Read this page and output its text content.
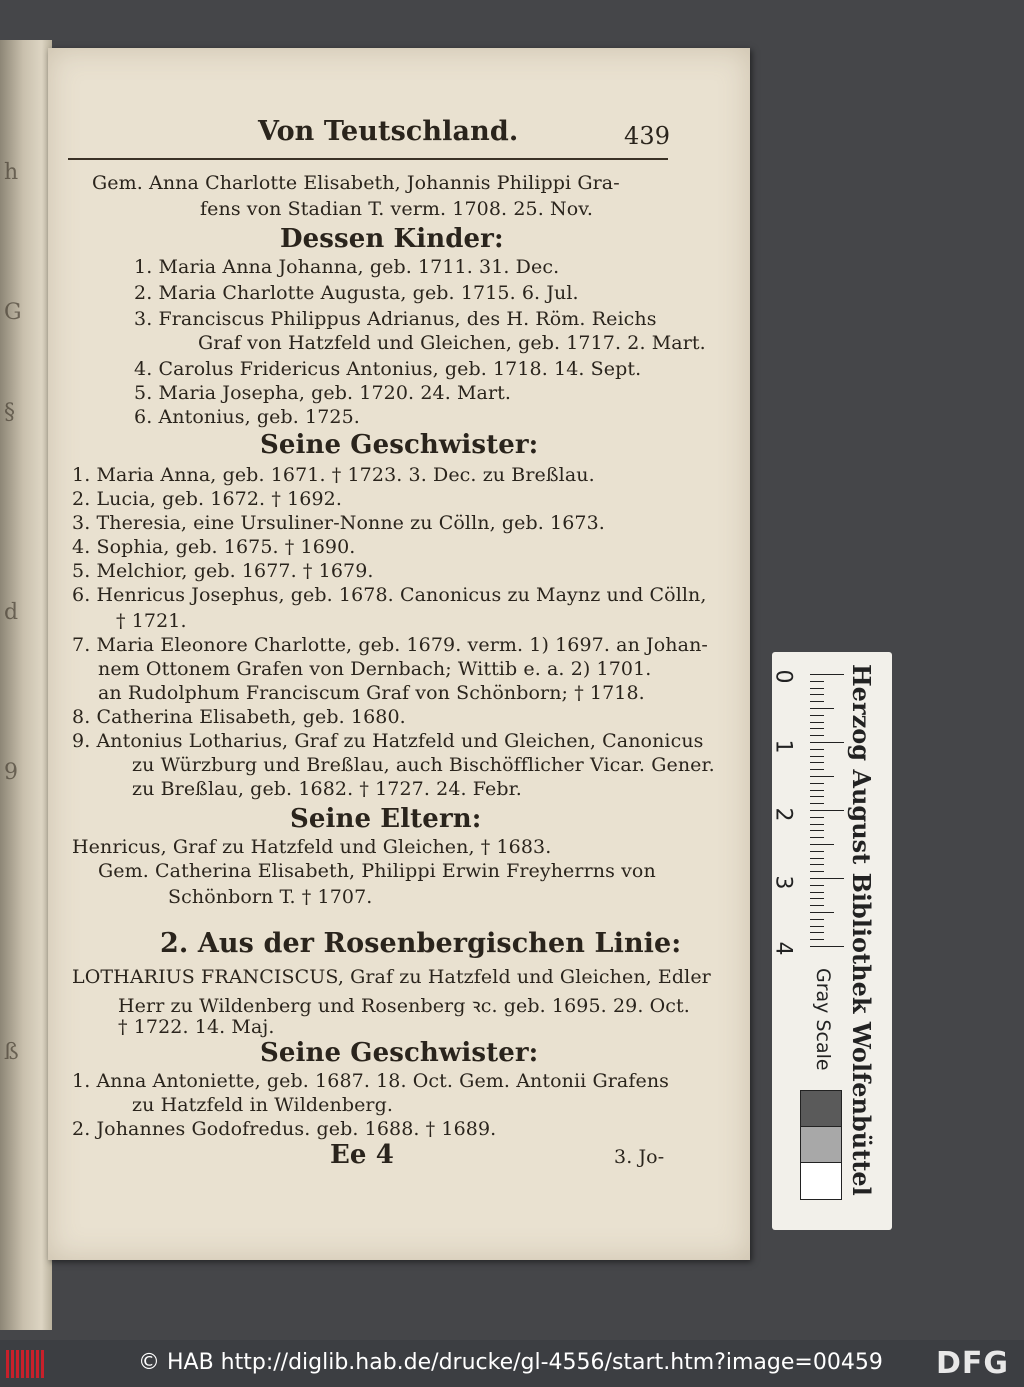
h
G
§
d
9
ß
Von Teutschland.	439
Gem. Anna Charlotte Elisabeth, Johannis Philippi Gra-
fens von Stadian T. verm. 1708. 25. Nov.
Dessen Kinder:
1. Maria Anna Johanna, geb. 1711. 31. Dec.
2. Maria Charlotte Augusta, geb. 1715. 6. Jul.
3. Franciscus Philippus Adrianus, des H. Röm. Reichs
Graf von Hatzfeld und Gleichen, geb. 1717. 2. Mart.
4. Carolus Fridericus Antonius, geb. 1718. 14. Sept.
5. Maria Josepha, geb. 1720. 24. Mart.
6. Antonius, geb. 1725.
Seine Geschwister:
1. Maria Anna, geb. 1671. † 1723. 3. Dec. zu Breßlau.
2. Lucia, geb. 1672. † 1692.
3. Theresia, eine Ursuliner-Nonne zu Cölln, geb. 1673.
4. Sophia, geb. 1675. † 1690.
5. Melchior, geb. 1677. † 1679.
6. Henricus Josephus, geb. 1678. Canonicus zu Maynz und Cölln,
† 1721.
7. Maria Eleonore Charlotte, geb. 1679. verm. 1) 1697. an Johan-
nem Ottonem Grafen von Dernbach; Wittib e. a. 2) 1701.
an Rudolphum Franciscum Graf von Schönborn; † 1718.
8. Catherina Elisabeth, geb. 1680.
9. Antonius Lotharius, Graf zu Hatzfeld und Gleichen, Canonicus
zu Würzburg und Breßlau, auch Bischöfflicher Vicar. Gener.
zu Breßlau, geb. 1682. † 1727. 24. Febr.
Seine Eltern:
Henricus, Graf zu Hatzfeld und Gleichen, † 1683.
Gem. Catherina Elisabeth, Philippi Erwin Freyherrns von
Schönborn T. † 1707.
2. Aus der Rosenbergischen Linie:
LOTHARIUS FRANCISCUS, Graf zu Hatzfeld und Gleichen, Edler
Herr zu Wildenberg und Rosenberg ꝛc. geb. 1695. 29. Oct.
† 1722. 14. Maj.
Seine Geschwister:
1. Anna Antoniette, geb. 1687. 18. Oct. Gem. Antonii Grafens
zu Hatzfeld in Wildenberg.
2. Johannes Godofredus. geb. 1688. † 1689.
Ee 4	3. Jo-
0
1
2
3
4
Gray Scale Herzog August Bibliothek Wolfenbüttel
© HAB http://diglib.hab.de/drucke/gl-4556/start.htm?image=00459 DFG
